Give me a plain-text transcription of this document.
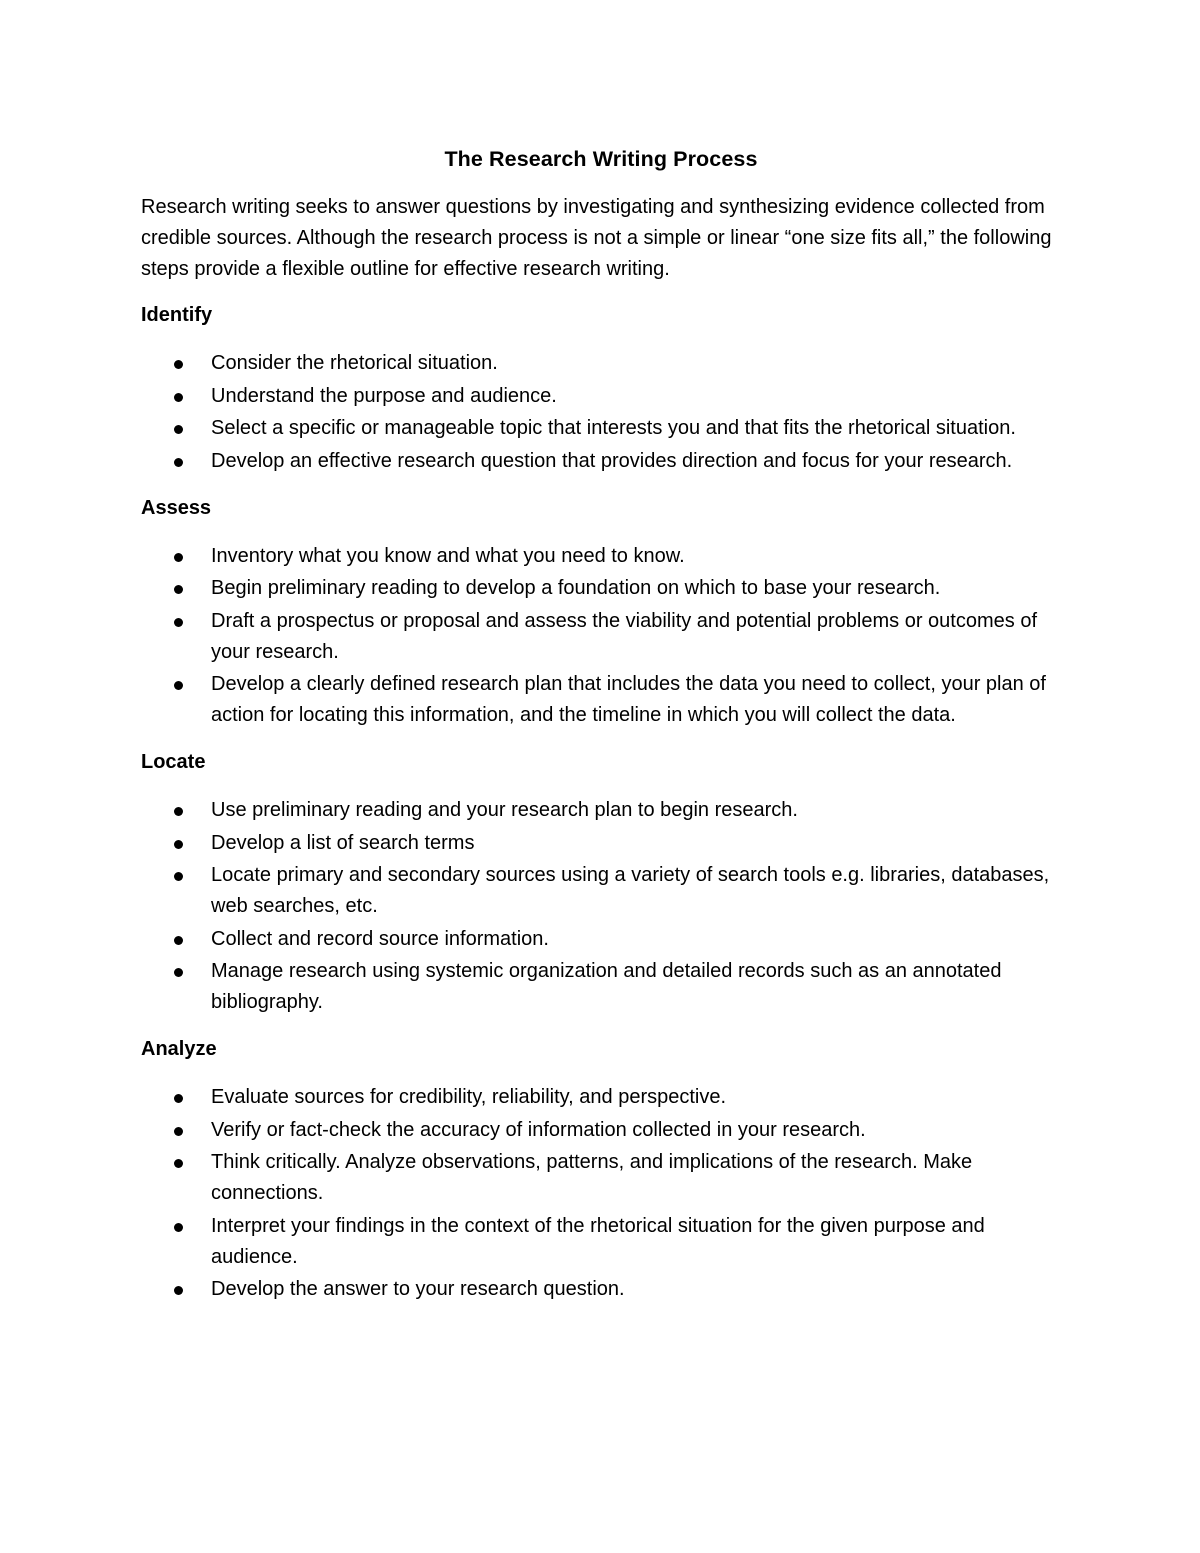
The Research Writing Process

Research writing seeks to answer questions by investigating and synthesizing evidence collected from credible sources. Although the research process is not a simple or linear “one size fits all,” the following steps provide a flexible outline for effective research writing.

Identify
Consider the rhetorical situation.
Understand the purpose and audience.
Select a specific or manageable topic that interests you and that fits the rhetorical situation.
Develop an effective research question that provides direction and focus for your research.
Assess
Inventory what you know and what you need to know.
Begin preliminary reading to develop a foundation on which to base your research.
Draft a prospectus or proposal and assess the viability and potential problems or outcomes of your research.
Develop a clearly defined research plan that includes the data you need to collect, your plan of action for locating this information, and the timeline in which you will collect the data.
Locate
Use preliminary reading and your research plan to begin research.
Develop a list of search terms
Locate primary and secondary sources using a variety of search tools e.g. libraries, databases, web searches, etc.
Collect and record source information.
Manage research using systemic organization and detailed records such as an annotated bibliography.
Analyze
Evaluate sources for credibility, reliability, and perspective.
Verify or fact-check the accuracy of information collected in your research.
Think critically. Analyze observations, patterns, and implications of the research. Make connections.
Interpret your findings in the context of the rhetorical situation for the given purpose and audience.
Develop the answer to your research question.
